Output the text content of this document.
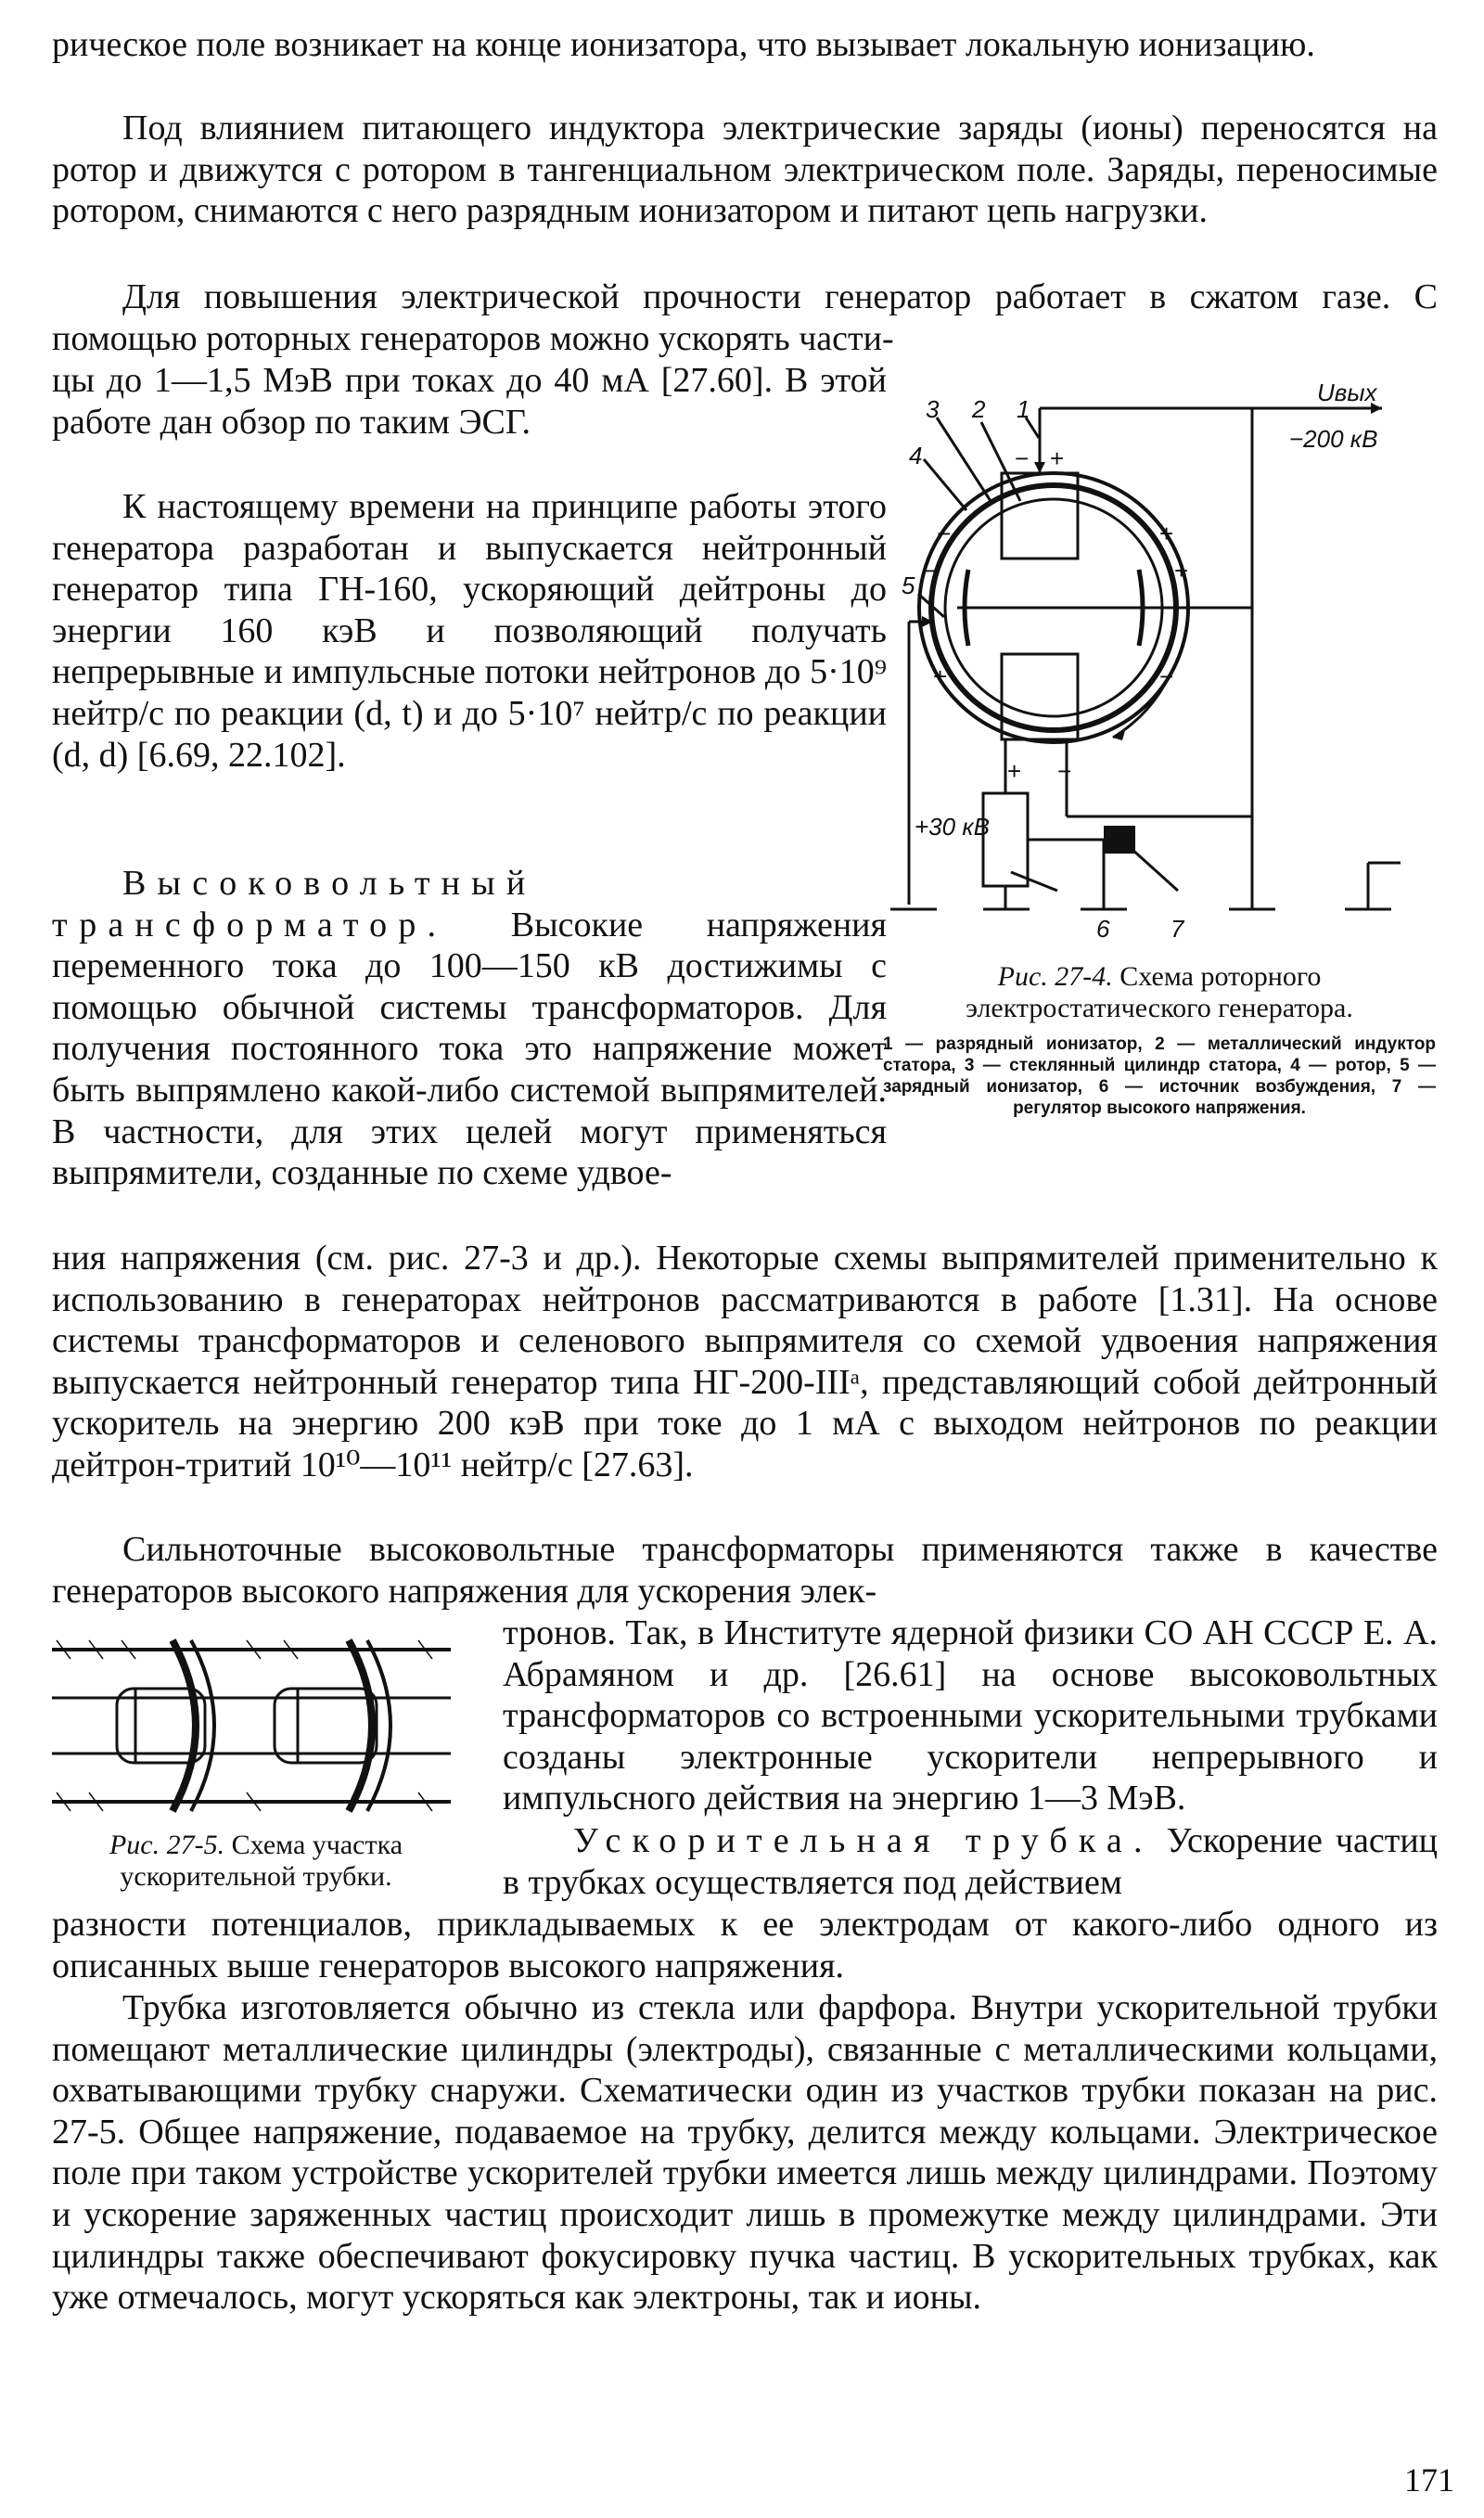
рическое поле возникает на конце ионизатора, что вызывает локальную ионизацию.

Под влиянием питающего индуктора электрические заряды (ионы) переносятся на ротор и движутся с ротором в тангенциальном электрическом поле. Заряды, переносимые ротором, снимаются с него разрядным ионизатором и питают цепь нагрузки.

Для повышения электрической прочности генератор работает в сжатом газе. С помощью роторных генераторов можно ускорять части-

цы до 1—1,5 МэВ при токах до 40 мА [27.60]. В этой работе дан обзор по таким ЭСГ.

К настоящему времени на принципе работы этого генератора разработан и выпускается нейтронный генератор типа ГН-160, ускоряющий дейтроны до энергии 160 кэВ и позволяющий получать непрерывные и импульсные потоки нейтронов до 5·10⁹ нейтр/с по реакции (d, t) и до 5·10⁷ нейтр/с по реакции (d, d) [6.69, 22.102].

Высоковольтный трансформатор. Высокие напряжения переменного тока до 100—150 кВ достижимы с помощью обычной системы трансформаторов. Для получения постоянного тока это напряжение может быть выпрямлено какой-либо системой выпрямителей. В частности, для этих целей могут применяться выпрямители, созданные по схеме удвое-

ния напряжения (см. рис. 27-3 и др.). Некоторые схемы выпрямителей применительно к использованию в генераторах нейтронов рассматриваются в работе [1.31]. На основе системы трансформаторов и селенового выпрямителя со схемой удвоения напряжения выпускается нейтронный генератор типа НГ-200-IIIᵃ, представляющий собой дейтронный ускоритель на энергию 200 кэВ при токе до 1 мА с выходом нейтронов по реакции дейтрон-тритий 10¹⁰—10¹¹ нейтр/с [27.63].

Сильноточные высоковольтные трансформаторы применяются также в качестве генераторов высокого напряжения для ускорения элек-

тронов. Так, в Институте ядерной физики СО АН СССР Е. А. Абрамяном и др. [26.61] на основе высоковольтных трансформаторов со встроенными ускорительными трубками созданы электронные ускорители непрерывного и импульсного действия на энергию 1—3 МэВ.

Ускорительная трубка. Ускорение частиц в трубках осуществляется под действием

разности потенциалов, прикладываемых к ее электродам от какого-либо одного из описанных выше генераторов высокого напряжения.

Трубка изготовляется обычно из стекла или фарфора. Внутри ускорительной трубки помещают металлические цилиндры (электроды), связанные с металлическими кольцами, охватывающими трубку снаружи. Схематически один из участков трубки показан на рис. 27-5. Общее напряжение, подаваемое на трубку, делится между кольцами. Электрическое поле при таком устройстве ускорителей трубки имеется лишь между цилиндрами. Поэтому и ускорение заряженных частиц происходит лишь в промежутке между цилиндрами. Эти цилиндры также обеспечивают фокусировку пучка частиц. В ускорительных трубках, как уже отмечалось, могут ускоряться как электроны, так и ионы.

3 2 1
4
5
6	7
Uвых
−200 кВ
+30 кВ
− +
−	+
−	+
+	−
+ −

Рис. 27-4. Схема роторного электростатического генератора.

1 — разрядный ионизатор, 2 — металлический индуктор статора, 3 — стеклянный цилиндр статора, 4 — ротор, 5 — зарядный ионизатор, 6 — источник возбуждения, 7 — регулятор высокого напряжения.

Рис. 27-5. Схема участка ускорительной трубки.

171
